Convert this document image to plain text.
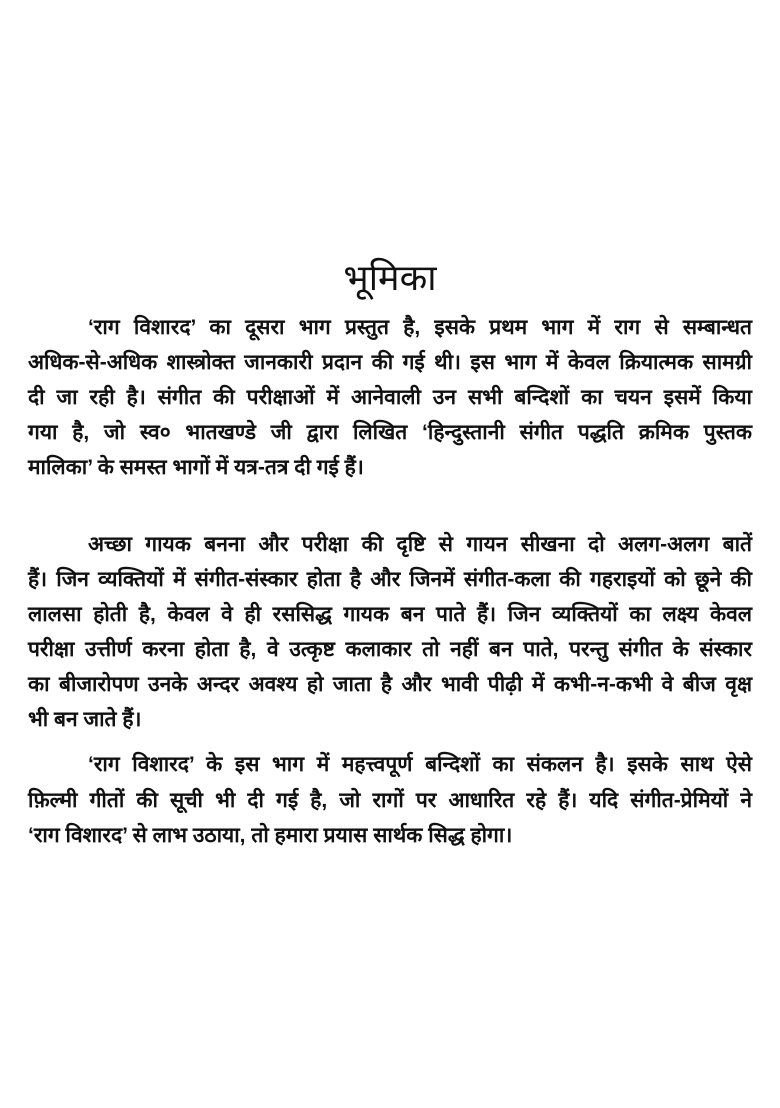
भूमिका
‘राग विशारद’ का दूसरा भाग प्रस्तुत है, इसके प्रथम भाग में राग से सम्बान्धत
अधिक-से-अधिक शास्त्रोक्त जानकारी प्रदान की गई थी। इस भाग में केवल क्रियात्मक सामग्री
दी जा रही है। संगीत की परीक्षाओं में आनेवाली उन सभी बन्दिशों का चयन इसमें किया
गया है, जो स्व० भातखण्डे जी द्वारा लिखित ‘हिन्दुस्तानी संगीत पद्धति क्रमिक पुस्तक
मालिका’ के समस्त भागों में यत्र-तत्र दी गई हैं।
अच्छा गायक बनना और परीक्षा की दृष्टि से गायन सीखना दो अलग-अलग बातें
हैं। जिन व्यक्तियों में संगीत-संस्कार होता है और जिनमें संगीत-कला की गहराइयों को छूने की
लालसा होती है, केवल वे ही रससिद्ध गायक बन पाते हैं। जिन व्यक्तियों का लक्ष्य केवल
परीक्षा उत्तीर्ण करना होता है, वे उत्कृष्ट कलाकार तो नहीं बन पाते, परन्तु संगीत के संस्कार
का बीजारोपण उनके अन्दर अवश्य हो जाता है और भावी पीढ़ी में कभी-न-कभी वे बीज वृक्ष
भी बन जाते हैं।
‘राग विशारद’ के इस भाग में महत्त्वपूर्ण बन्दिशों का संकलन है। इसके साथ ऐसे
फ़िल्मी गीतों की सूची भी दी गई है, जो रागों पर आधारित रहे हैं। यदि संगीत-प्रेमियों ने
‘राग विशारद’ से लाभ उठाया, तो हमारा प्रयास सार्थक सिद्ध होगा।
